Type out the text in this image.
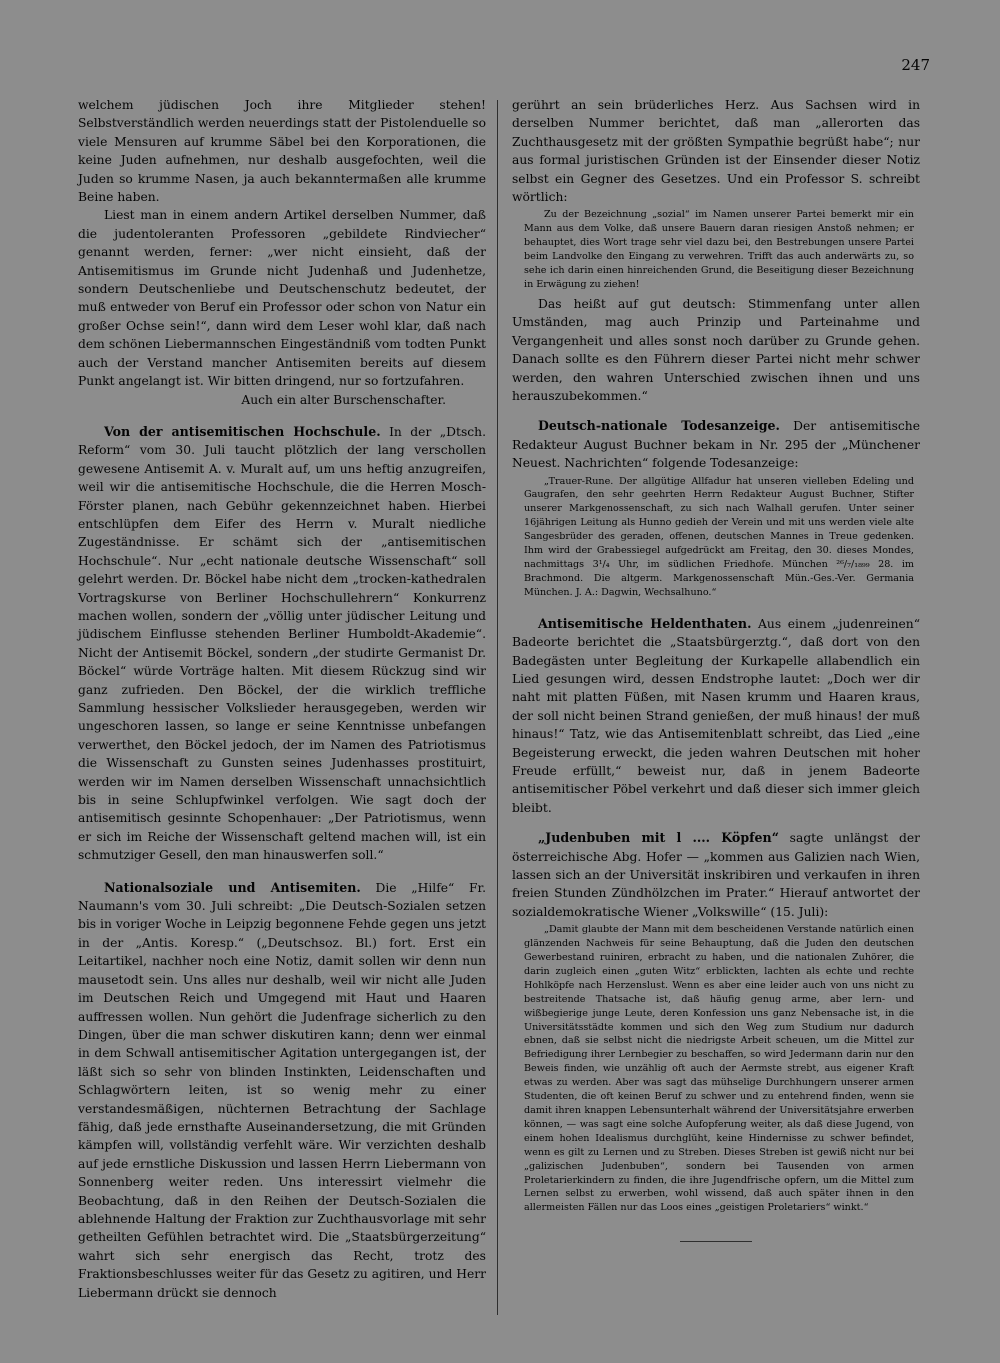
247

welchem jüdischen Joch ihre Mitglieder stehen! Selbstverständlich werden neuerdings statt der Pistolenduelle so viele Mensuren auf krumme Säbel bei den Korporationen, die keine Juden aufnehmen, nur deshalb ausgefochten, weil die Juden so krumme Nasen, ja auch bekanntermaßen alle krumme Beine haben.

Liest man in einem andern Artikel derselben Nummer, daß die judentoleranten Professoren „gebildete Rindviecher“ genannt werden, ferner: „wer nicht einsieht, daß der Antisemitismus im Grunde nicht Judenhaß und Judenhetze, sondern Deutschenliebe und Deutschenschutz bedeutet, der muß entweder von Beruf ein Professor oder schon von Natur ein großer Ochse sein!“, dann wird dem Leser wohl klar, daß nach dem schönen Liebermannschen Eingeständniß vom todten Punkt auch der Verstand mancher Antisemiten bereits auf diesem Punkt angelangt ist. Wir bitten dringend, nur so fortzufahren.

Auch ein alter Burschenschafter.

Von der antisemitischen Hochschule. In der „Dtsch. Reform“ vom 30. Juli taucht plötzlich der lang verschollen gewesene Antisemit A. v. Muralt auf, um uns heftig anzugreifen, weil wir die antisemitische Hochschule, die die Herren Mosch-Förster planen, nach Gebühr gekennzeichnet haben. Hierbei entschlüpfen dem Eifer des Herrn v. Muralt niedliche Zugeständnisse. Er schämt sich der „antisemitischen Hochschule“. Nur „echt nationale deutsche Wissenschaft“ soll gelehrt werden. Dr. Böckel habe nicht dem „trocken-kathedralen Vortragskurse von Berliner Hochschullehrern“ Konkurrenz machen wollen, sondern der „völlig unter jüdischer Leitung und jüdischem Einflusse stehenden Berliner Humboldt-Akademie“. Nicht der Antisemit Böckel, sondern „der studirte Germanist Dr. Böckel“ würde Vorträge halten. Mit diesem Rückzug sind wir ganz zufrieden. Den Böckel, der die wirklich treffliche Sammlung hessischer Volkslieder herausgegeben, werden wir ungeschoren lassen, so lange er seine Kenntnisse unbefangen verwerthet, den Böckel jedoch, der im Namen des Patriotismus die Wissenschaft zu Gunsten seines Judenhasses prostituirt, werden wir im Namen derselben Wissenschaft unnachsichtlich bis in seine Schlupfwinkel verfolgen. Wie sagt doch der antisemitisch gesinnte Schopenhauer: „Der Patriotismus, wenn er sich im Reiche der Wissenschaft geltend machen will, ist ein schmutziger Gesell, den man hinauswerfen soll.“

Nationalsoziale und Antisemiten. Die „Hilfe“ Fr. Naumann's vom 30. Juli schreibt: „Die Deutsch-Sozialen setzen bis in voriger Woche in Leipzig begonnene Fehde gegen uns jetzt in der „Antis. Koresp.“ („Deutschsoz. Bl.) fort. Erst ein Leitartikel, nachher noch eine Notiz, damit sollen wir denn nun mausetodt sein. Uns alles nur deshalb, weil wir nicht alle Juden im Deutschen Reich und Umgegend mit Haut und Haaren auffressen wollen. Nun gehört die Judenfrage sicherlich zu den Dingen, über die man schwer diskutiren kann; denn wer einmal in dem Schwall antisemitischer Agitation untergegangen ist, der läßt sich so sehr von blinden Instinkten, Leidenschaften und Schlagwörtern leiten, ist so wenig mehr zu einer verstandesmäßigen, nüchternen Betrachtung der Sachlage fähig, daß jede ernsthafte Auseinandersetzung, die mit Gründen kämpfen will, vollständig verfehlt wäre. Wir verzichten deshalb auf jede ernstliche Diskussion und lassen Herrn Liebermann von Sonnenberg weiter reden. Uns interessirt vielmehr die Beobachtung, daß in den Reihen der Deutsch-Sozialen die ablehnende Haltung der Fraktion zur Zuchthausvorlage mit sehr getheilten Gefühlen betrachtet wird. Die „Staatsbürgerzeitung“ wahrt sich sehr energisch das Recht, trotz des Fraktionsbeschlusses weiter für das Gesetz zu agitiren, und Herr Liebermann drückt sie dennoch

gerührt an sein brüderliches Herz. Aus Sachsen wird in derselben Nummer berichtet, daß man „allerorten das Zuchthausgesetz mit der größten Sympathie begrüßt habe“; nur aus formal juristischen Gründen ist der Einsender dieser Notiz selbst ein Gegner des Gesetzes. Und ein Professor S. schreibt wörtlich:

Zu der Bezeichnung „sozial“ im Namen unserer Partei bemerkt mir ein Mann aus dem Volke, daß unsere Bauern daran riesigen Anstoß nehmen; er behauptet, dies Wort trage sehr viel dazu bei, den Bestrebungen unsere Partei beim Landvolke den Eingang zu verwehren. Trifft das auch anderwärts zu, so sehe ich darin einen hinreichenden Grund, die Beseitigung dieser Bezeichnung in Erwägung zu ziehen!

Das heißt auf gut deutsch: Stimmenfang unter allen Umständen, mag auch Prinzip und Parteinahme und Vergangenheit und alles sonst noch darüber zu Grunde gehen. Danach sollte es den Führern dieser Partei nicht mehr schwer werden, den wahren Unterschied zwischen ihnen und uns herauszubekommen.“

Deutsch-nationale Todesanzeige. Der antisemitische Redakteur August Buchner bekam in Nr. 295 der „Münchener Neuest. Nachrichten“ folgende Todesanzeige:

„Trauer-Rune. Der allgütige Allfadur hat unseren vielleben Edeling und Gaugrafen, den sehr geehrten Herrn Redakteur August Buchner, Stifter unserer Markgenossenschaft, zu sich nach Walhall gerufen. Unter seiner 16jährigen Leitung als Hunno gedieh der Verein und mit uns werden viele alte Sangesbrüder des geraden, offenen, deutschen Mannes in Treue gedenken. Ihm wird der Grabessiegel aufgedrückt am Freitag, den 30. dieses Mondes, nachmittags 3¹/₄ Uhr, im südlichen Friedhofe. München ²⁶/₇/₁₈₉₉ 28. im Brachmond. Die altgerm. Markgenossenschaft Mün.-Ges.-Ver. Germania München. J. A.: Dagwin, Wechsalhuno.“

Antisemitische Heldenthaten. Aus einem „judenreinen“ Badeorte berichtet die „Staatsbürgerztg.“, daß dort von den Badegästen unter Begleitung der Kurkapelle allabendlich ein Lied gesungen wird, dessen Endstrophe lautet: „Doch wer dir naht mit platten Füßen, mit Nasen krumm und Haaren kraus, der soll nicht beinen Strand genießen, der muß hinaus! der muß hinaus!“ Tatz, wie das Antisemitenblatt schreibt, das Lied „eine Begeisterung erweckt, die jeden wahren Deutschen mit hoher Freude erfüllt,“ beweist nur, daß in jenem Badeorte antisemitischer Pöbel verkehrt und daß dieser sich immer gleich bleibt.

„Judenbuben mit l .... Köpfen“ sagte unlängst der österreichische Abg. Hofer — „kommen aus Galizien nach Wien, lassen sich an der Universität inskribiren und verkaufen in ihren freien Stunden Zündhölzchen im Prater.“ Hierauf antwortet der sozialdemokratische Wiener „Volkswille“ (15. Juli):

„Damit glaubte der Mann mit dem bescheidenen Verstande natürlich einen glänzenden Nachweis für seine Behauptung, daß die Juden den deutschen Gewerbestand ruiniren, erbracht zu haben, und die nationalen Zuhörer, die darin zugleich einen „guten Witz“ erblickten, lachten als echte und rechte Hohlköpfe nach Herzenslust. Wenn es aber eine leider auch von uns nicht zu bestreitende Thatsache ist, daß häufig genug arme, aber lern- und wißbegierige junge Leute, deren Konfession uns ganz Nebensache ist, in die Universitätsstädte kommen und sich den Weg zum Studium nur dadurch ebnen, daß sie selbst nicht die niedrigste Arbeit scheuen, um die Mittel zur Befriedigung ihrer Lernbegier zu beschaffen, so wird Jedermann darin nur den Beweis finden, wie unzählig oft auch der Aermste strebt, aus eigener Kraft etwas zu werden. Aber was sagt das mühselige Durchhungern unserer armen Studenten, die oft keinen Beruf zu schwer und zu entehrend finden, wenn sie damit ihren knappen Lebensunterhalt während der Universitätsjahre erwerben können, — was sagt eine solche Aufopferung weiter, als daß diese Jugend, von einem hohen Idealismus durchglüht, keine Hindernisse zu schwer befindet, wenn es gilt zu Lernen und zu Streben. Dieses Streben ist gewiß nicht nur bei „galizischen Judenbuben“, sondern bei Tausenden von armen Proletarierkindern zu finden, die ihre Jugendfrische opfern, um die Mittel zum Lernen selbst zu erwerben, wohl wissend, daß auch später ihnen in den allermeisten Fällen nur das Loos eines „geistigen Proletariers“ winkt.“
